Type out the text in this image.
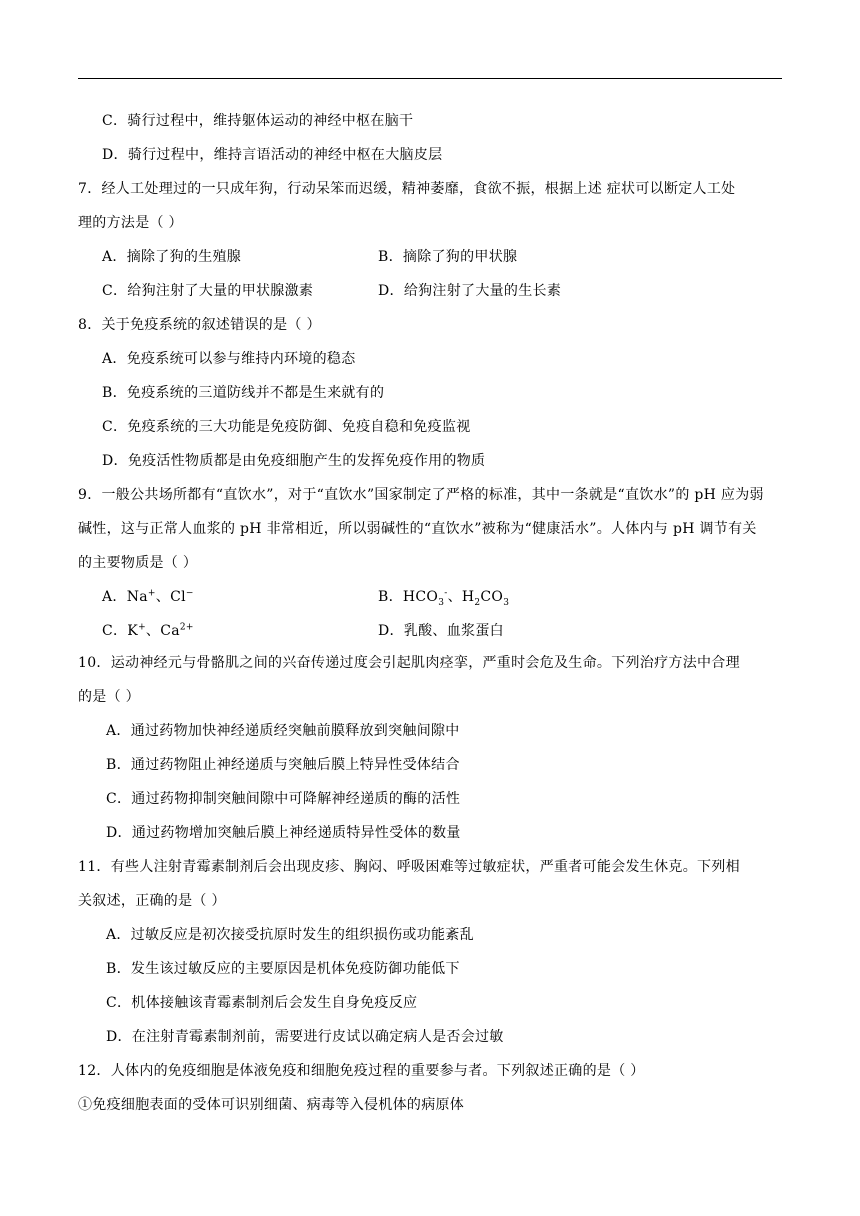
C．骑行过程中，维持躯体运动的神经中枢在脑干
D．骑行过程中，维持言语活动的神经中枢在大脑皮层
7．经人工处理过的一只成年狗，行动呆笨而迟缓，精神萎靡，食欲不振，根据上述 症状可以断定人工处
理的方法是（ ）
A．摘除了狗的生殖腺	B．摘除了狗的甲状腺
C．给狗注射了大量的甲状腺激素	D．给狗注射了大量的生长素
8．关于免疫系统的叙述错误的是（ ）
A．免疫系统可以参与维持内环境的稳态
B．免疫系统的三道防线并不都是生来就有的
C．免疫系统的三大功能是免疫防御、免疫自稳和免疫监视
D．免疫活性物质都是由免疫细胞产生的发挥免疫作用的物质
9．一般公共场所都有“直饮水”，对于“直饮水”国家制定了严格的标准，其中一条就是“直饮水”的 pH 应为弱
碱性，这与正常人血浆的 pH 非常相近，所以弱碱性的“直饮水”被称为“健康活水”。人体内与 pH 调节有关
的主要物质是（ ）
A．Na+、Cl−	B．$HCO_3^-$、$H_2CO_3$
C．K+、$Ca^{2+}$	D．乳酸、血浆蛋白
10．运动神经元与骨骼肌之间的兴奋传递过度会引起肌肉痉挛，严重时会危及生命。下列治疗方法中合理
的是（ ）
A．通过药物加快神经递质经突触前膜释放到突触间隙中
B．通过药物阻止神经递质与突触后膜上特异性受体结合
C．通过药物抑制突触间隙中可降解神经递质的酶的活性
D．通过药物增加突触后膜上神经递质特异性受体的数量
11．有些人注射青霉素制剂后会出现皮疹、胸闷、呼吸困难等过敏症状，严重者可能会发生休克。下列相
关叙述，正确的是（ ）
A．过敏反应是初次接受抗原时发生的组织损伤或功能紊乱
B．发生该过敏反应的主要原因是机体免疫防御功能低下
C．机体接触该青霉素制剂后会发生自身免疫反应
D．在注射青霉素制剂前，需要进行皮试以确定病人是否会过敏
12．人体内的免疫细胞是体液免疫和细胞免疫过程的重要参与者。下列叙述正确的是（ ）
①免疫细胞表面的受体可识别细菌、病毒等入侵机体的病原体
